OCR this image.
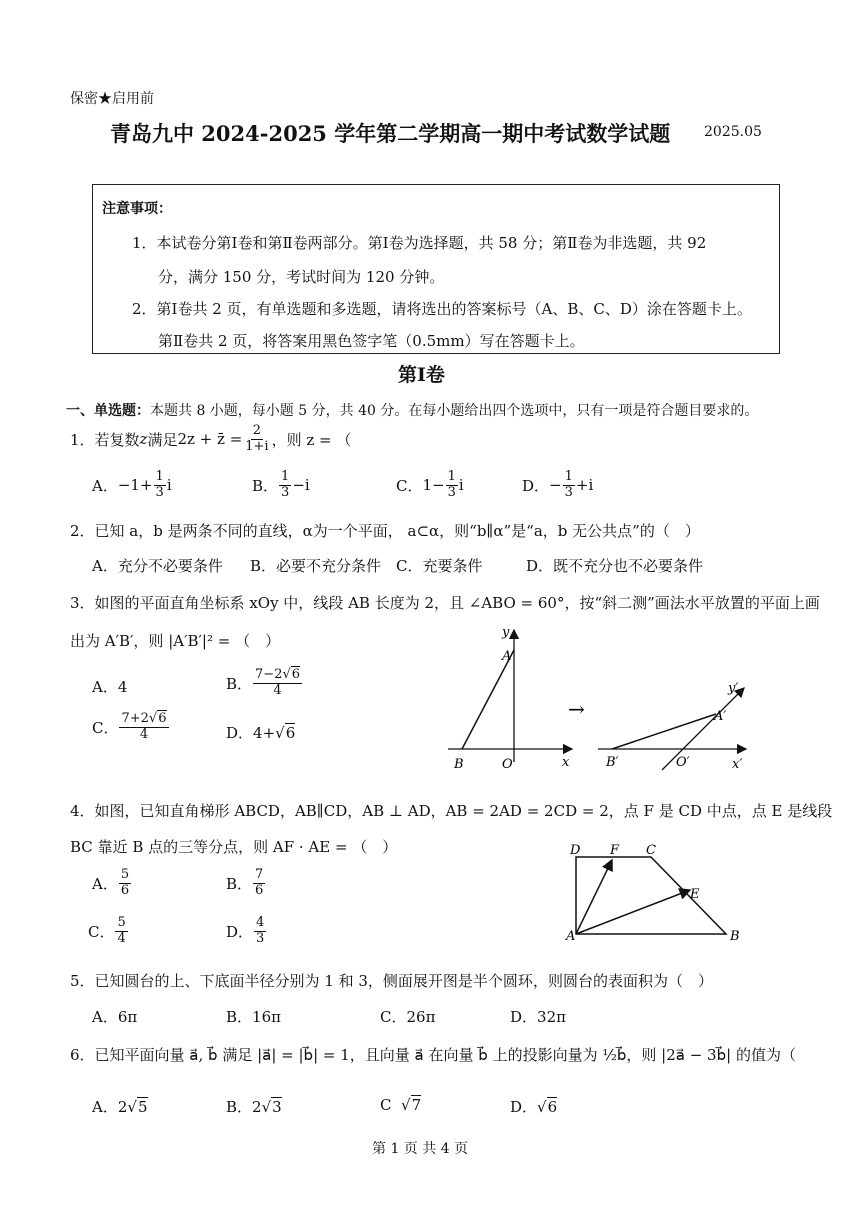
保密★启用前
青岛九中 2024-2025 学年第二学期高一期中考试数学试题 2025.05
注意事项：
1．本试卷分第Ⅰ卷和第Ⅱ卷两部分。第Ⅰ卷为选择题，共 58 分；第Ⅱ卷为非选题，共 92
分，满分 150 分，考试时间为 120 分钟。
2．第Ⅰ卷共 2 页，有单选题和多选题，请将选出的答案标号（A、B、C、D）涂在答题卡上。
第Ⅱ卷共 2 页，将答案用黑色签字笔（0.5mm）写在答题卡上。
第Ⅰ卷
一、单选题：本题共 8 小题，每小题 5 分，共 40 分。在每小题给出四个选项中，只有一项是符合题目要求的。
1．若复数 z 满足 2z + z̄ = $\frac{2}{1+i}$ ，则 z = （
A． $-1+ \frac{1}{3}$ i	B． $\frac{1}{3} -i$	C． $1- \frac{1}{3}$ i	D． − $\frac{1}{3} +i$
2．已知 a，b 是两条不同的直线，α为一个平面， a⊂α，则“b∥α”是“a，b 无公共点”的（　）
A．充分不必要条件 B．必要不充分条件 C．充要条件	D．既不充分也不必要条件
3．如图的平面直角坐标系 xOy 中，线段 AB 长度为 2，且 ∠ABO = 60°，按“斜二测”画法水平放置的平面上画
出为 A′B′，则 |A′B′|² = （　）
A．4	B． $\frac{7-2√6}{4}$
C． $\frac{7+2√6}{4}$	D．4+√6
y
A
B	O	x
→
y′
A′
B′	O′	x′
4．如图，已知直角梯形 ABCD，AB∥CD，AB ⊥ AD，AB = 2AD = 2CD = 2，点 F 是 CD 中点，点 E 是线段
BC 靠近 B 点的三等分点，则 AF · AE = （　）
A． $\frac{5}{6}$	B． $\frac{7}{6}$
C． $\frac{5}{4}$	D． $\frac{4}{3}$
D F C
E
A	B
5．已知圆台的上、下底面半径分别为 1 和 3，侧面展开图是半个圆环，则圆台的表面积为（　）
A．6π	B．16π	C．26π	D．32π
6．已知平面向量 a⃗, b⃗ 满足 |a⃗| = |b⃗| = 1，且向量 a⃗ 在向量 b⃗ 上的投影向量为 ½b⃗，则 |2a⃗ − 3b⃗| 的值为（
A．2√5	B．2√3	C  √7	D．√6
第 1 页 共 4 页
